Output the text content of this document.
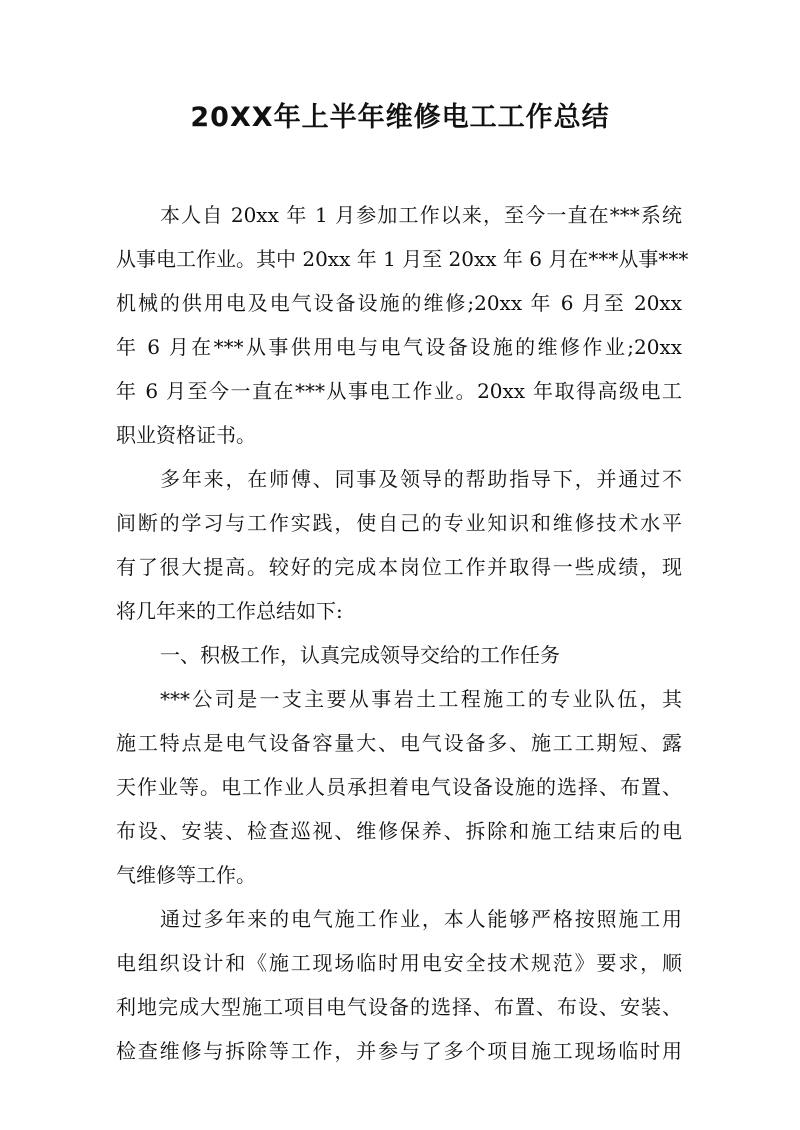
20XX年上半年维修电工工作总结
本人自 20xx 年 1 月参加工作以来，至今一直在***系统
从事电工作业。其中 20xx 年 1 月至 20xx 年 6 月在***从事***
机械的供用电及电气设备设施的维修;20xx 年 6 月至 20xx
年 6 月在***从事供用电与电气设备设施的维修作业;20xx
年 6 月至今一直在***从事电工作业。20xx 年取得高级电工
职业资格证书。
多年来，在师傅、同事及领导的帮助指导下，并通过不
间断的学习与工作实践，使自己的专业知识和维修技术水平
有了很大提高。较好的完成本岗位工作并取得一些成绩，现
将几年来的工作总结如下:
一、积极工作，认真完成领导交给的工作任务
***公司是一支主要从事岩土工程施工的专业队伍，其
施工特点是电气设备容量大、电气设备多、施工工期短、露
天作业等。电工作业人员承担着电气设备设施的选择、布置、
布设、安装、检查巡视、维修保养、拆除和施工结束后的电
气维修等工作。
通过多年来的电气施工作业，本人能够严格按照施工用
电组织设计和《施工现场临时用电安全技术规范》要求，顺
利地完成大型施工项目电气设备的选择、布置、布设、安装、
检查维修与拆除等工作，并参与了多个项目施工现场临时用
